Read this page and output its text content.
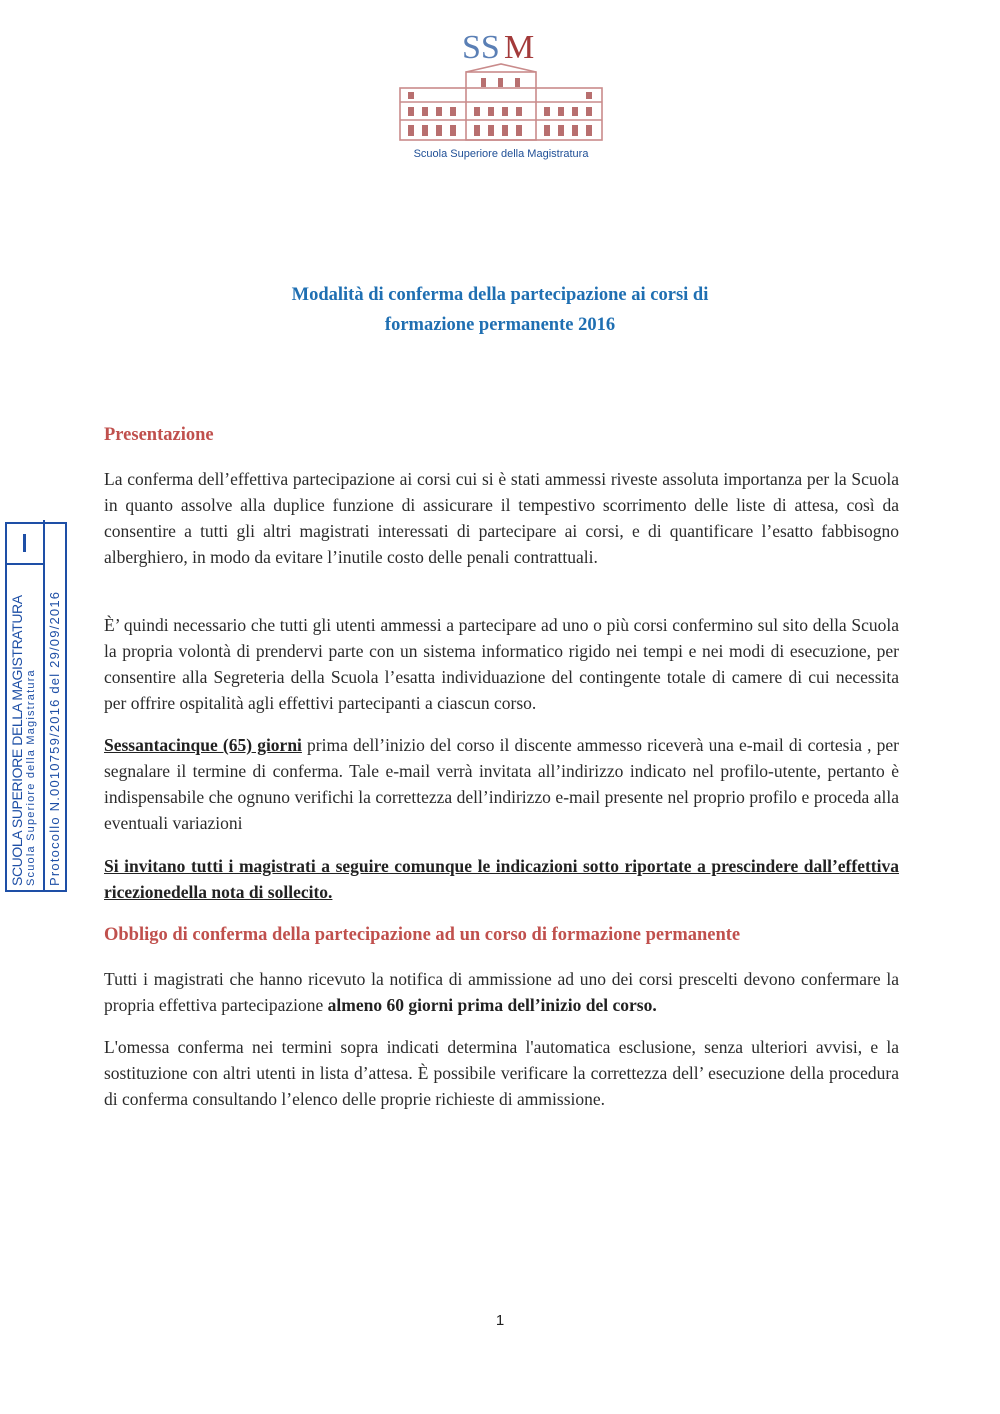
SS M
Scuola Superiore della Magistratura
Modalità di conferma della partecipazione ai corsi di
formazione permanente 2016
SCUOLA SUPERIORE DELLA MAGISTRATURA Scuola Superiore della Magistratura Protocollo N.0010759/2016 del 29/09/2016
Presentazione

La conferma dell’effettiva partecipazione ai corsi cui si è stati ammessi riveste assoluta importanza per la Scuola in quanto assolve alla duplice funzione di assicurare il tempestivo scorrimento delle liste di attesa, così da consentire a tutti gli altri magistrati interessati di partecipare ai corsi, e di quantificare l’esatto fabbisogno alberghiero, in modo da evitare l’inutile costo delle penali contrattuali.

È’ quindi necessario che tutti gli utenti ammessi a partecipare ad uno o più corsi confermino sul sito della Scuola la propria volontà di prendervi parte con un sistema informatico rigido nei tempi e nei modi di esecuzione, per consentire alla Segreteria della Scuola l’esatta individuazione del contingente totale di camere di cui necessita per offrire ospitalità agli effettivi partecipanti a ciascun corso.

Sessantacinque (65) giorni prima dell’inizio del corso il discente ammesso riceverà una e-mail di cortesia , per segnalare il termine di conferma. Tale e-mail verrà invitata all’indirizzo indicato nel profilo-utente, pertanto è indispensabile che ognuno verifichi la correttezza dell’indirizzo e-mail presente nel proprio profilo e proceda alla eventuali variazioni

Si invitano tutti i magistrati a seguire comunque le indicazioni sotto riportate a prescindere dall’effettiva ricezionedella nota di sollecito.

Obbligo di conferma della partecipazione ad un corso di formazione permanente

Tutti i magistrati che hanno ricevuto la notifica di ammissione ad uno dei corsi prescelti devono confermare la propria effettiva partecipazione almeno 60 giorni prima dell’inizio del corso.

L'omessa conferma nei termini sopra indicati determina l'automatica esclusione, senza ulteriori avvisi, e la sostituzione con altri utenti in lista d’attesa. È possibile verificare la correttezza dell’ esecuzione della procedura di conferma consultando l’elenco delle proprie richieste di ammissione.

1
